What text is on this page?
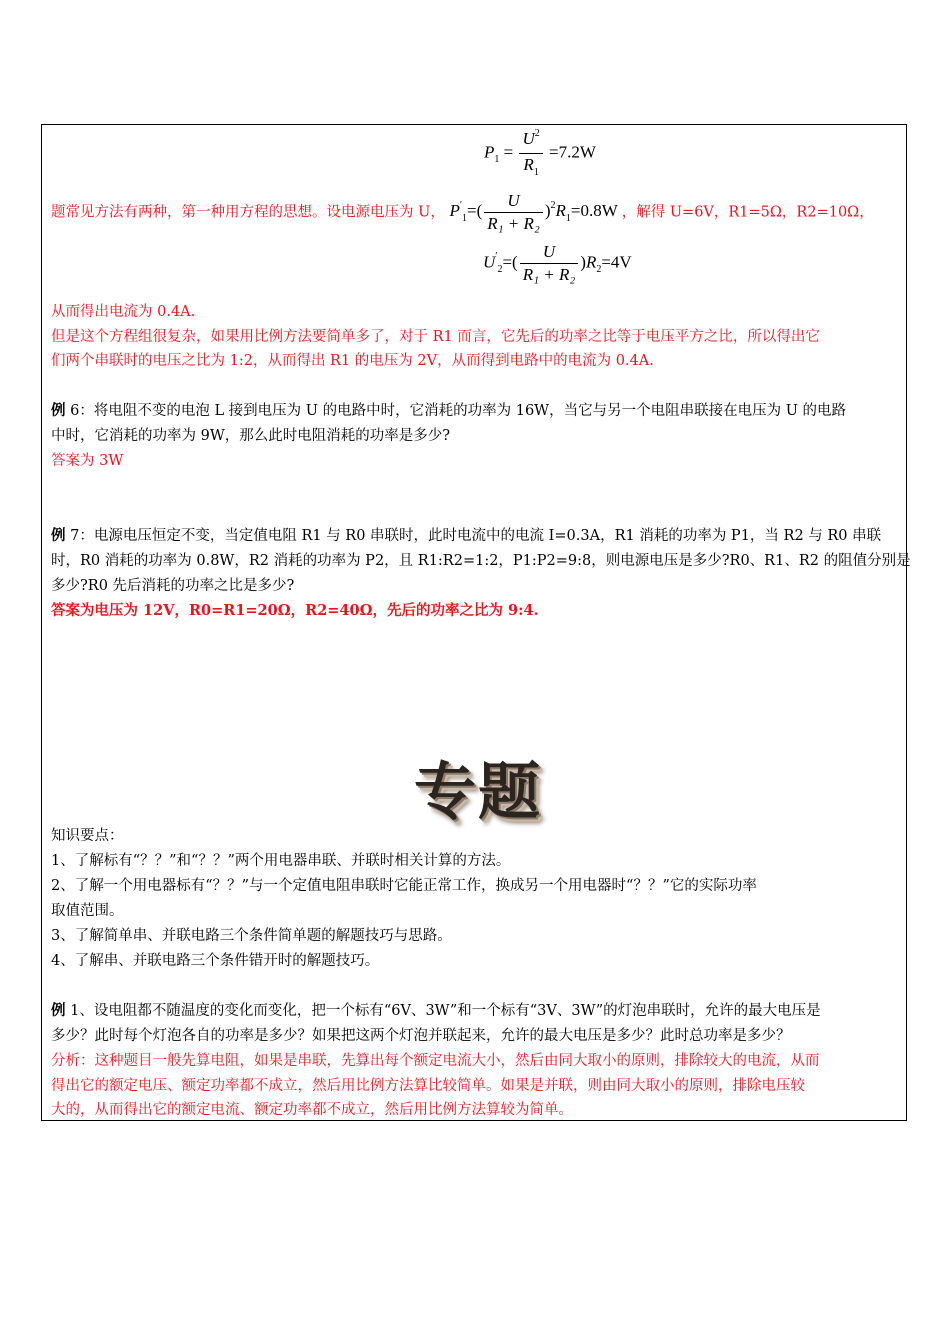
$P_1 = \frac{U^2}{R_1} =7.2W$
题常见方法有两种，第一种用方程的思想。设电源电压为 U， $P'_1=( \frac{U}{\text{R₁ + R₂}} )^2R_1=0.8W$ ，解得 U=6V，R1=5Ω，R2=10Ω，
$U'_2=( \frac{U}{\text{R₁ + R₂}} )R_2=4V$
从而得出电流为 0.4A.
但是这个方程组很复杂，如果用比例方法要简单多了，对于 R1 而言，它先后的功率之比等于电压平方之比，所以得出它
们两个串联时的电压之比为 1:2，从而得出 R1 的电压为 2V，从而得到电路中的电流为 0.4A.
例 6：将电阻不变的电泡 L 接到电压为 U 的电路中时，它消耗的功率为 16W，当它与另一个电阻串联接在电压为 U 的电路
中时，它消耗的功率为 9W，那么此时电阻消耗的功率是多少?
答案为 3W
例 7：电源电压恒定不变，当定值电阻 R1 与 R0 串联时，此时电流中的电流 I=0.3A，R1 消耗的功率为 P1，当 R2 与 R0 串联
时，R0 消耗的功率为 0.8W，R2 消耗的功率为 P2，且 R1:R2=1:2，P1:P2=9:8，则电源电压是多少?R0、R1、R2 的阻值分别是
多少?R0 先后消耗的功率之比是多少?
答案为电压为 12V，R0=R1=20Ω，R2=40Ω，先后的功率之比为 9:4.
专题
知识要点：
1、了解标有“？？”和“？？”两个用电器串联、并联时相关计算的方法。
2、了解一个用电器标有“？？”与一个定值电阻串联时它能正常工作，换成另一个用电器时“？？”它的实际功率
取值范围。
3、了解简单串、并联电路三个条件简单题的解题技巧与思路。
4、了解串、并联电路三个条件错开时的解题技巧。
例 1、设电阻都不随温度的变化而变化，把一个标有“6V、3W”和一个标有“3V、3W”的灯泡串联时，允许的最大电压是
多少？此时每个灯泡各自的功率是多少？如果把这两个灯泡并联起来，允许的最大电压是多少？此时总功率是多少？
分析：这种题目一般先算电阻，如果是串联，先算出每个额定电流大小，然后由同大取小的原则，排除较大的电流，从而
得出它的额定电压、额定功率都不成立，然后用比例方法算比较简单。如果是并联，则由同大取小的原则，排除电压较
大的，从而得出它的额定电流、额定功率都不成立，然后用比例方法算较为简单。
